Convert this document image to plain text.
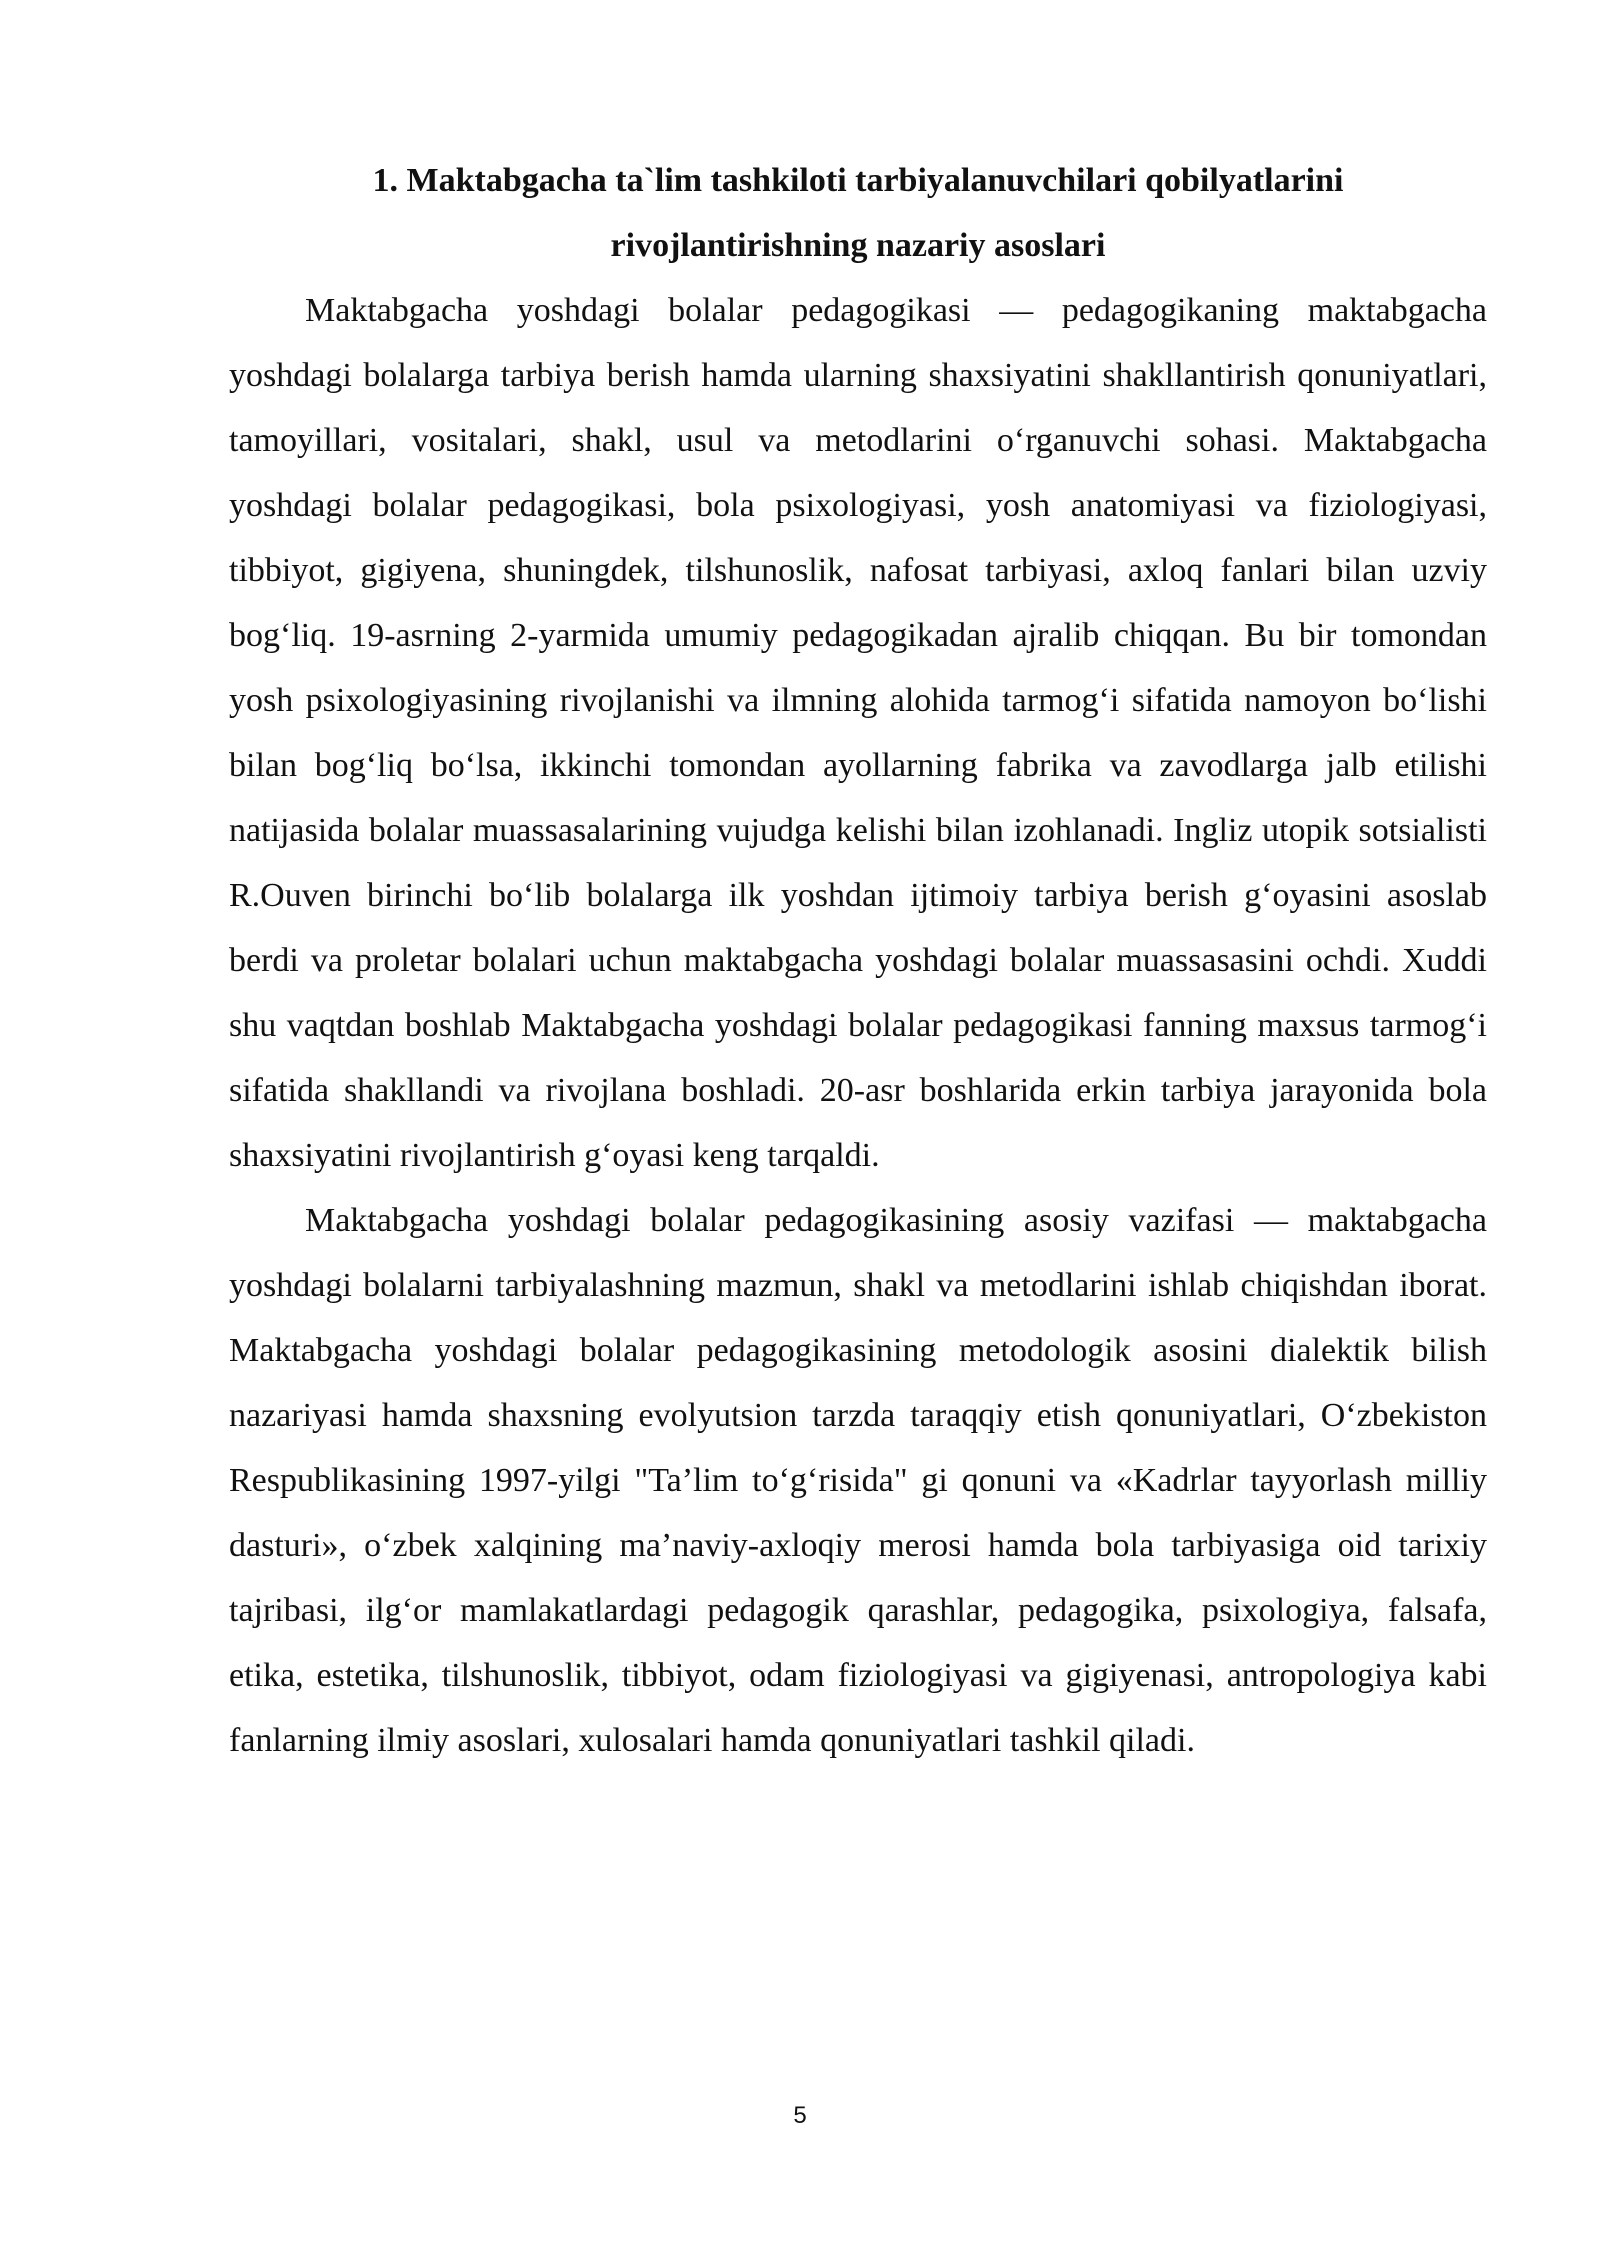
1. Maktabgacha ta`lim tashkiloti tarbiyalanuvchilari qobilyatlarini
rivojlantirishning nazariy asoslari

Maktabgacha yoshdagi bolalar pedagogikasi — pedagogikaning maktabgacha yoshdagi bolalarga tarbiya berish hamda ularning shaxsiyatini shakllantirish qonuniyatlari, tamoyillari, vositalari, shakl, usul va metodlarini o‘rganuvchi sohasi. Maktabgacha yoshdagi bolalar pedagogikasi, bola psixologiyasi, yosh anatomiyasi va fiziologiyasi, tibbiyot, gigiyena, shuningdek, tilshunoslik, nafosat tarbiyasi, axloq fanlari bilan uzviy bog‘liq. 19-asrning 2-yarmida umumiy pedagogikadan ajralib chiqqan. Bu bir tomondan yosh psixologiyasining rivojlanishi va ilmning alohida tarmog‘i sifatida namoyon bo‘lishi bilan bog‘liq bo‘lsa, ikkinchi tomondan ayollarning fabrika va zavodlarga jalb etilishi natijasida bolalar muassasalarining vujudga kelishi bilan izohlanadi. Ingliz utopik sotsialisti R.Ouven birinchi bo‘lib bolalarga ilk yoshdan ijtimoiy tarbiya berish g‘oyasini asoslab berdi va proletar bolalari uchun maktabgacha yoshdagi bolalar muassasasini ochdi. Xuddi shu vaqtdan boshlab Maktabgacha yoshdagi bolalar pedagogikasi fanning maxsus tarmog‘i sifatida shakllandi va rivojlana boshladi. 20-asr boshlarida erkin tarbiya jarayonida bola shaxsiyatini rivojlantirish g‘oyasi keng tarqaldi.

Maktabgacha yoshdagi bolalar pedagogikasining asosiy vazifasi — maktabgacha yoshdagi bolalarni tarbiyalashning mazmun, shakl va metodlarini ishlab chiqishdan iborat. Maktabgacha yoshdagi bolalar pedagogikasining metodologik asosini dialektik bilish nazariyasi hamda shaxsning evolyutsion tarzda taraqqiy etish qonuniyatlari, O‘zbekiston Respublikasining 1997-yilgi "Ta’lim to‘g‘risida" gi qonuni va «Kadrlar tayyorlash milliy dasturi», o‘zbek xalqining ma’naviy-axloqiy merosi hamda bola tarbiyasiga oid tarixiy tajribasi, ilg‘or mamlakatlardagi pedagogik qarashlar, pedagogika, psixologiya, falsafa, etika, estetika, tilshunoslik, tibbiyot, odam fiziologiyasi va gigiyenasi, antropologiya kabi fanlarning ilmiy asoslari, xulosalari hamda qonuniyatlari tashkil qiladi.

5
